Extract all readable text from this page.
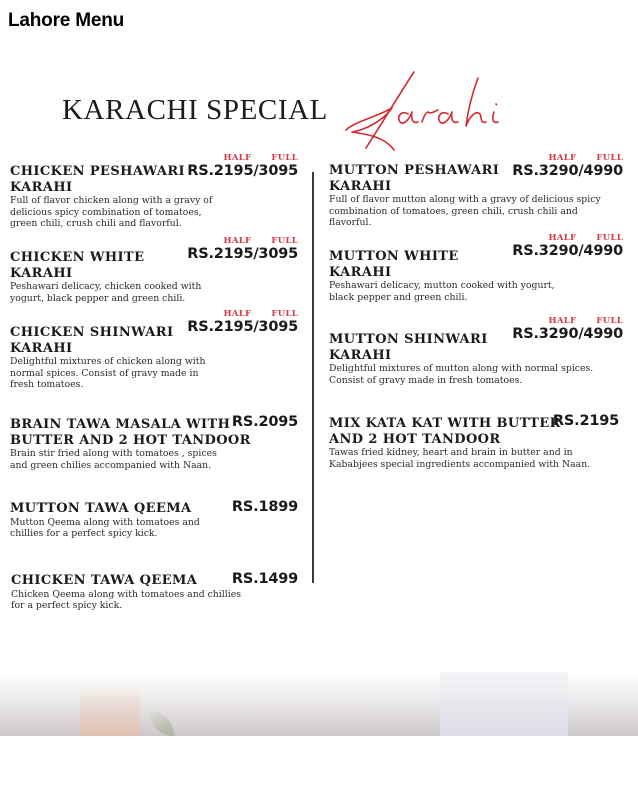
Lahore Menu
KARACHI SPECIAL
CHICKEN PESHAWARI
KARAHI
Full of flavor chicken along with a gravy of
delicious spicy combination of tomatoes,
green chili, crush chili and flavorful.
HALF FULL
RS.2195/3095
CHICKEN WHITE
KARAHI
Peshawari delicacy, chicken cooked with
yogurt, black pepper and green chili.
HALF FULL
RS.2195/3095
CHICKEN SHINWARI
KARAHI
Delightful mixtures of chicken along with
normal spices. Consist of gravy made in
fresh tomatoes.
HALF FULL
RS.2195/3095
BRAIN TAWA MASALA WITH
BUTTER AND 2 HOT TANDOOR
Brain stir fried along with tomatoes , spices
and green chilies accompanied with Naan.
RS.2095
MUTTON TAWA QEEMA
Mutton Qeema along with tomatoes and
chillies for a perfect spicy kick.
RS.1899
CHICKEN TAWA QEEMA
Chicken Qeema along with tomatoes and chillies
for a perfect spicy kick.
RS.1499
MUTTON PESHAWARI
KARAHI
Full of flavor mutton along with a gravy of delicious spicy
combination of tomatoes, green chili, crush chili and
flavorful.
HALF FULL
RS.3290/4990
MUTTON WHITE
KARAHI
Peshawari delicacy, mutton cooked with yogurt,
black pepper and green chili.
HALF FULL
RS.3290/4990
MUTTON SHINWARI
KARAHI
Delightful mixtures of mutton along with normal spices.
Consist of gravy made in fresh tomatoes.
HALF FULL
RS.3290/4990
MIX KATA KAT WITH BUTTER
AND 2 HOT TANDOOR
Tawas fried kidney, heart and brain in butter and in
Kababjees special ingredients accompanied with Naan.
RS.2195
